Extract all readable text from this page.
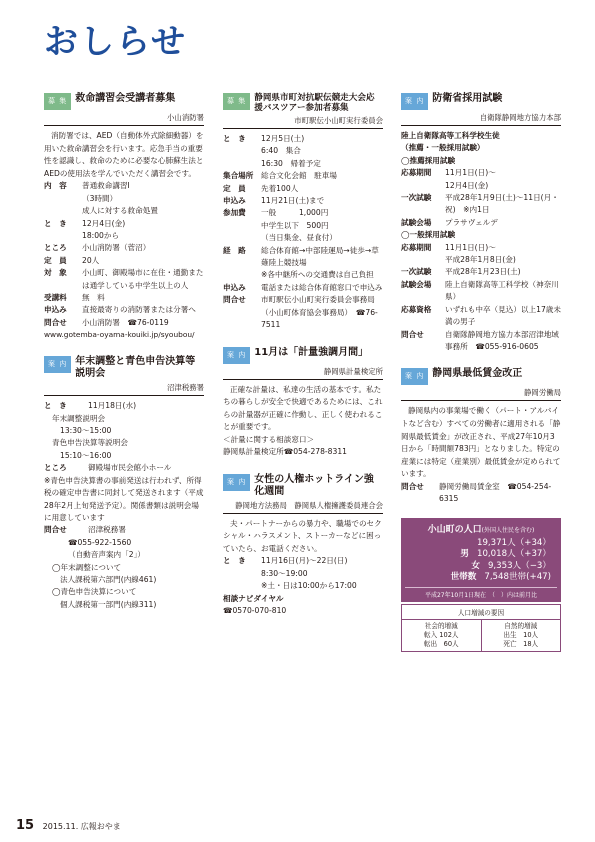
おしらせ
募 集 救命講習会受講者募集
小山消防署
消防署では、AED（自動体外式除細動器）を用いた救命講習会を行います。応急手当の重要性を認識し、救命のために必要な心肺蘇生法とAEDの使用法を学んでいただく講習会です。
内　容	普通救命講習Ⅰ
（3時間）
成人に対する救命処置
と　き	12月4日(金)
18:00から
ところ	小山消防署（菅沼）
定　員	20人
対　象	小山町、御殿場市に在住・通勤または通学している中学生以上の人
受講料	無　料
申込み	直接最寄りの消防署または分署へ
問合せ	小山消防署　☎76-0119
www.gotemba-oyama-kouiki.jp/syoubou/
案 内 年末調整と青色申告決算等説明会
沼津税務署
と　き	11月18日(水)
年末調整説明会
13:30～15:00
青色申告決算等説明会
15:10～16:00
ところ	御殿場市民会館小ホール
※青色申告決算書の事前発送は行われず、所得税の確定申告書に同封して発送されます（平成28年2月上旬発送予定）。関係書類は説明会場に用意しています
問合せ	沼津税務署
☎055-922-1560
（自動音声案内「2」）
◯年末調整について
法人課税第六部門(内線461)
◯青色申告決算について
個人課税第一部門(内線311)
募 集 静岡県市町対抗駅伝競走大会応援バスツアー参加者募集
市町駅伝小山町実行委員会
と　き	12月5日(土)
6:40　集合
16:30　帰着予定
集合場所	総合文化会館　駐車場
定　員	先着100人
申込み	11月21日(土)まで
参加費	一般　　　1,000円
中学生以下　500円
（当日集金、昼食付）
経　路	総合体育館→中部陸運局→徒歩→草薙陸上競技場
※各中継所への交通費は自己負担
申込み	電話または総合体育館窓口で申込み
問合せ	市町駅伝小山町実行委員会事務局（小山町体育協会事務局）　☎76-7511
案 内 11月は「計量強調月間」
静岡県計量検定所
正確な計量は、私達の生活の基本です。私たちの暮らしが安全で快適であるためには、これらの計量器が正確に作動し、正しく使われることが重要です。
＜計量に関する相談窓口＞
静岡県計量検定所☎054-278-8311
案 内 女性の人権ホットライン強化週間
静岡地方法務局　静岡県人権擁護委員連合会
夫・パートナーからの暴力や、職場でのセクシャル・ハラスメント、ストーカーなどに困っていたら、お電話ください。
と　き	11月16日(月)～22日(日)
8:30～19:00
※土・日は10:00から17:00
相談ナビダイヤル
☎0570-070-810
案 内 防衛省採用試験
自衛隊静岡地方協力本部
陸上自衛隊高等工科学校生徒
（推薦・一般採用試験）
◯推薦採用試験
応募期間	11月1日(日)～
12月4日(金)
一次試験	平成28年1月9日(土)～11日(月・祝)　※内1日
試験会場	プラサヴェルデ
◯一般採用試験
応募期間	11月1日(日)～
平成28年1月8日(金)
一次試験	平成28年1月23日(土)
試験会場	陸上自衛隊高等工科学校（神奈川県）
応募資格	いずれも中卒（見込）以上17歳未満の男子
問合せ	自衛隊静岡地方協力本部沼津地域事務所　☎055-916-0605
案 内 静岡県最低賃金改正
静岡労働局
静岡県内の事業場で働く（パート・アルバイトなど含む）すべての労働者に適用される「静岡県最低賃金」が改正され、平成27年10月3日から「時間額783円」となりました。特定の産業には特定（産業別）最低賃金が定められています。
問合せ	静岡労働局賃金室　☎054-254-6315
小山町の人口(外国人住民を含む)
19,371人（+34）
男 10,018人（+37）
女 9,353人（−3）
世帯数 7,548世帯(+47)
平成27年10月1日現在　（　）内は前月比
人口増減の要因
社会的増減
転入 102人
転出　60人
自然的増減
出生　10人
死亡　18人
15 2015.11. 広報おやま
